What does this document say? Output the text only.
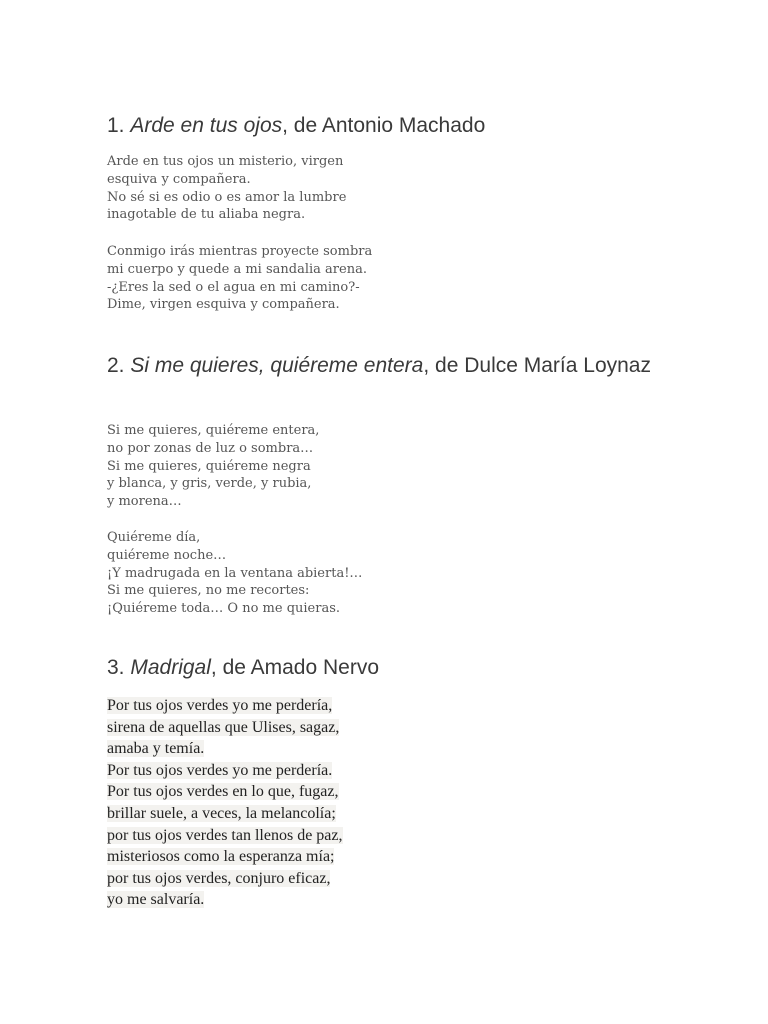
1. Arde en tus ojos, de Antonio Machado
Arde en tus ojos un misterio, virgen
esquiva y compañera.
No sé si es odio o es amor la lumbre
inagotable de tu aliaba negra.
Conmigo irás mientras proyecte sombra
mi cuerpo y quede a mi sandalia arena.
-¿Eres la sed o el agua en mi camino?-
Dime, virgen esquiva y compañera.
2. Si me quieres, quiéreme entera, de Dulce María Loynaz
Si me quieres, quiéreme entera,
no por zonas de luz o sombra…
Si me quieres, quiéreme negra
y blanca, y gris, verde, y rubia,
y morena…
Quiéreme día,
quiéreme noche…
¡Y madrugada en la ventana abierta!…
Si me quieres, no me recortes:
¡Quiéreme toda… O no me quieras.
3. Madrigal, de Amado Nervo
Por tus ojos verdes yo me perdería,
sirena de aquellas que Ulises, sagaz,
amaba y temía.
Por tus ojos verdes yo me perdería.
Por tus ojos verdes en lo que, fugaz,
brillar suele, a veces, la melancolía;
por tus ojos verdes tan llenos de paz,
misteriosos como la esperanza mía;
por tus ojos verdes, conjuro eficaz,
yo me salvaría.
